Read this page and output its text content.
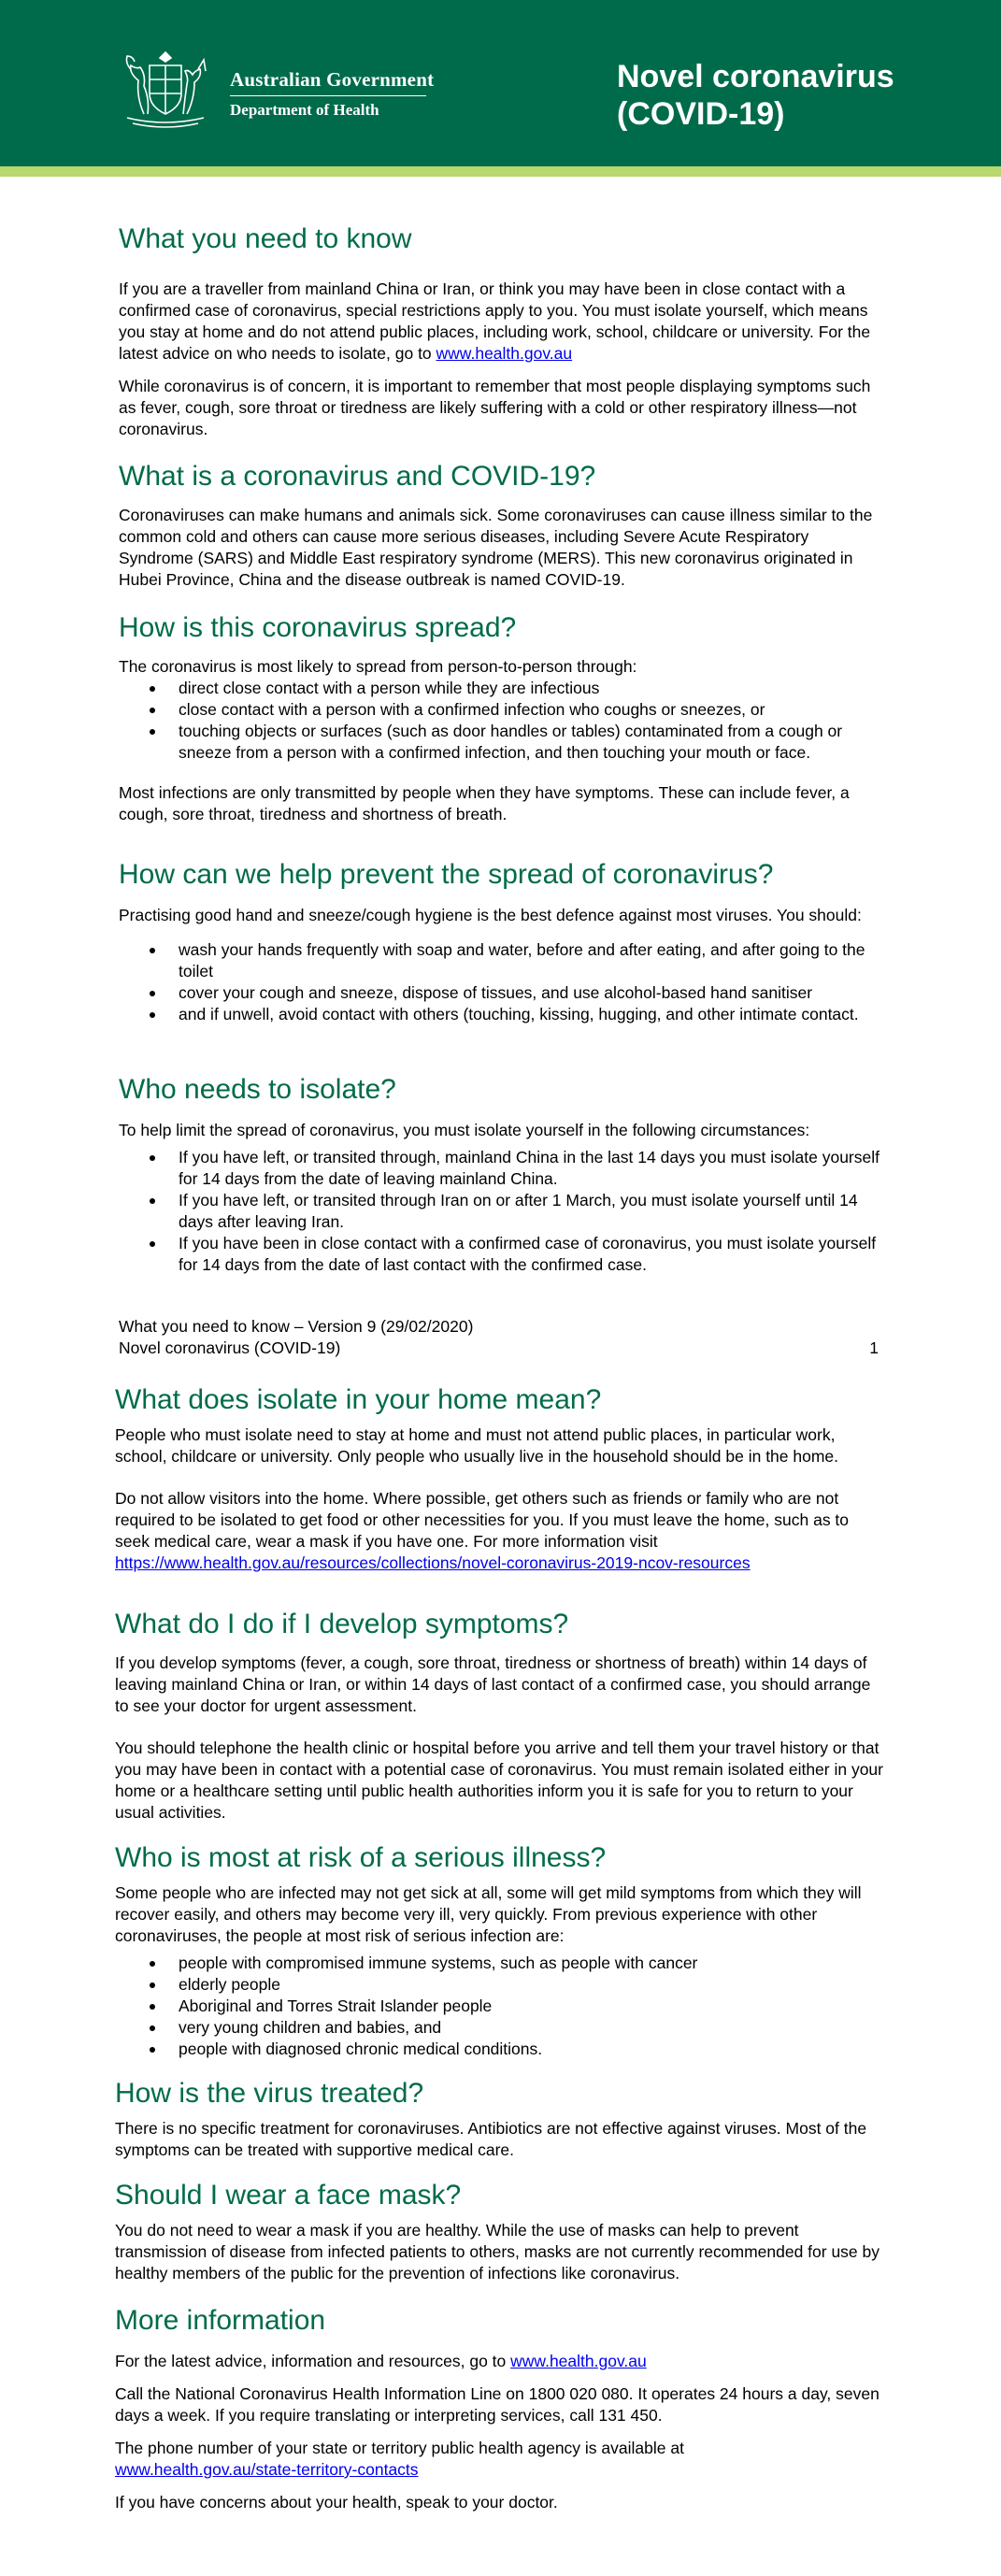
Australian Government
Department of Health
Novel coronavirus
(COVID-19)
What you need to know

If you are a traveller from mainland China or Iran, or think you may have been in close contact with a confirmed case of coronavirus, special restrictions apply to you. You must isolate yourself, which means you stay at home and do not attend public places, including work, school, childcare or university. For the latest advice on who needs to isolate, go to www.health.gov.au

While coronavirus is of concern, it is important to remember that most people displaying symptoms such as fever, cough, sore throat or tiredness are likely suffering with a cold or other respiratory illness—not coronavirus.

What is a coronavirus and COVID-19?

Coronaviruses can make humans and animals sick. Some coronaviruses can cause illness similar to the common cold and others can cause more serious diseases, including Severe Acute Respiratory Syndrome (SARS) and Middle East respiratory syndrome (MERS). This new coronavirus originated in Hubei Province, China and the disease outbreak is named COVID-19.

How is this coronavirus spread?

The coronavirus is most likely to spread from person-to-person through:

direct close contact with a person while they are infectious
close contact with a person with a confirmed infection who coughs or sneezes, or
touching objects or surfaces (such as door handles or tables) contaminated from a cough or sneeze from a person with a confirmed infection, and then touching your mouth or face.

Most infections are only transmitted by people when they have symptoms. These can include fever, a cough, sore throat, tiredness and shortness of breath.

How can we help prevent the spread of coronavirus?

Practising good hand and sneeze/cough hygiene is the best defence against most viruses. You should:

wash your hands frequently with soap and water, before and after eating, and after going to the toilet
cover your cough and sneeze, dispose of tissues, and use alcohol-based hand sanitiser
and if unwell, avoid contact with others (touching, kissing, hugging, and other intimate contact.
Who needs to isolate?

To help limit the spread of coronavirus, you must isolate yourself in the following circumstances:

If you have left, or transited through, mainland China in the last 14 days you must isolate yourself for 14 days from the date of leaving mainland China.
If you have left, or transited through Iran on or after 1 March, you must isolate yourself until 14 days after leaving Iran.
If you have been in close contact with a confirmed case of coronavirus, you must isolate yourself for 14 days from the date of last contact with the confirmed case.
What you need to know – Version 9 (29/02/2020)
Novel coronavirus (COVID-19)	1
What does isolate in your home mean?

People who must isolate need to stay at home and must not attend public places, in particular work, school, childcare or university. Only people who usually live in the household should be in the home.

Do not allow visitors into the home. Where possible, get others such as friends or family who are not required to be isolated to get food or other necessities for you. If you must leave the home, such as to seek medical care, wear a mask if you have one. For more information visit https://www.health.gov.au/resources/collections/novel-coronavirus-2019-ncov-resources

What do I do if I develop symptoms?

If you develop symptoms (fever, a cough, sore throat, tiredness or shortness of breath) within 14 days of leaving mainland China or Iran, or within 14 days of last contact of a confirmed case, you should arrange to see your doctor for urgent assessment.

You should telephone the health clinic or hospital before you arrive and tell them your travel history or that you may have been in contact with a potential case of coronavirus. You must remain isolated either in your home or a healthcare setting until public health authorities inform you it is safe for you to return to your usual activities.

Who is most at risk of a serious illness?

Some people who are infected may not get sick at all, some will get mild symptoms from which they will recover easily, and others may become very ill, very quickly. From previous experience with other coronaviruses, the people at most risk of serious infection are:

people with compromised immune systems, such as people with cancer
elderly people
Aboriginal and Torres Strait Islander people
very young children and babies, and
people with diagnosed chronic medical conditions.
How is the virus treated?

There is no specific treatment for coronaviruses. Antibiotics are not effective against viruses. Most of the symptoms can be treated with supportive medical care.

Should I wear a face mask?

You do not need to wear a mask if you are healthy. While the use of masks can help to prevent transmission of disease from infected patients to others, masks are not currently recommended for use by healthy members of the public for the prevention of infections like coronavirus.

More information

For the latest advice, information and resources, go to www.health.gov.au

Call the National Coronavirus Health Information Line on 1800 020 080. It operates 24 hours a day, seven days a week. If you require translating or interpreting services, call 131 450.

The phone number of your state or territory public health agency is available at

www.health.gov.au/state-territory-contacts

If you have concerns about your health, speak to your doctor.
